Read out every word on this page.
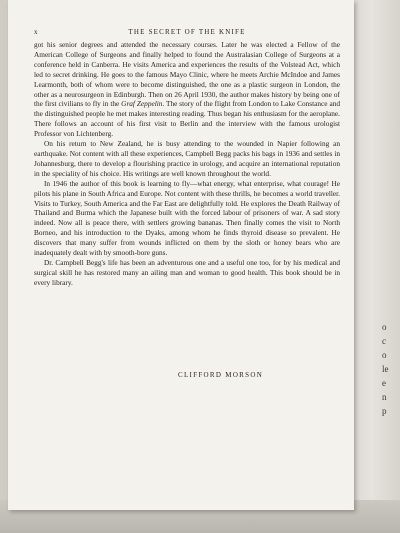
o
c
o
le
e
n
p
x	THE SECRET OF THE KNIFE

got his senior degrees and attended the necessary courses. Later he was elected a Fellow of the American College of Surgeons and finally helped to found the Australasian College of Surgeons at a conference held in Canberra. He visits America and experiences the results of the Volstead Act, which led to secret drinking. He goes to the famous Mayo Clinic, where he meets Archie McIndoe and James Learmonth, both of whom were to become distinguished, the one as a plastic surgeon in London, the other as a neurosurgeon in Edinburgh. Then on 26 April 1930, the author makes history by being one of the first civilians to fly in the Graf Zeppelin. The story of the flight from London to Lake Constance and the distinguished people he met makes interesting reading. Thus began his enthusiasm for the aeroplane. There follows an account of his first visit to Berlin and the interview with the famous urologist Professor von Lichtenberg.

On his return to New Zealand, he is busy attending to the wounded in Napier following an earthquake. Not content with all these experiences, Campbell Begg packs his bags in 1936 and settles in Johannesburg, there to develop a flourishing practice in urology, and acquire an international reputation in the speciality of his choice. His writings are well known throughout the world.

In 1946 the author of this book is learning to fly—what energy, what enterprise, what courage! He pilots his plane in South Africa and Europe. Not content with these thrills, he becomes a world traveller. Visits to Turkey, South America and the Far East are delightfully told. He explores the Death Railway of Thailand and Burma which the Japanese built with the forced labour of prisoners of war. A sad story indeed. Now all is peace there, with settlers growing bananas. Then finally comes the visit to North Borneo, and his introduction to the Dyaks, among whom he finds thyroid disease so prevalent. He discovers that many suffer from wounds inflicted on them by the sloth or honey bears who are inadequately dealt with by smooth-bore guns.

Dr. Campbell Begg's life has been an adventurous one and a useful one too, for by his medical and surgical skill he has restored many an ailing man and woman to good health. This book should be in every library.

CLIFFORD MORSON
